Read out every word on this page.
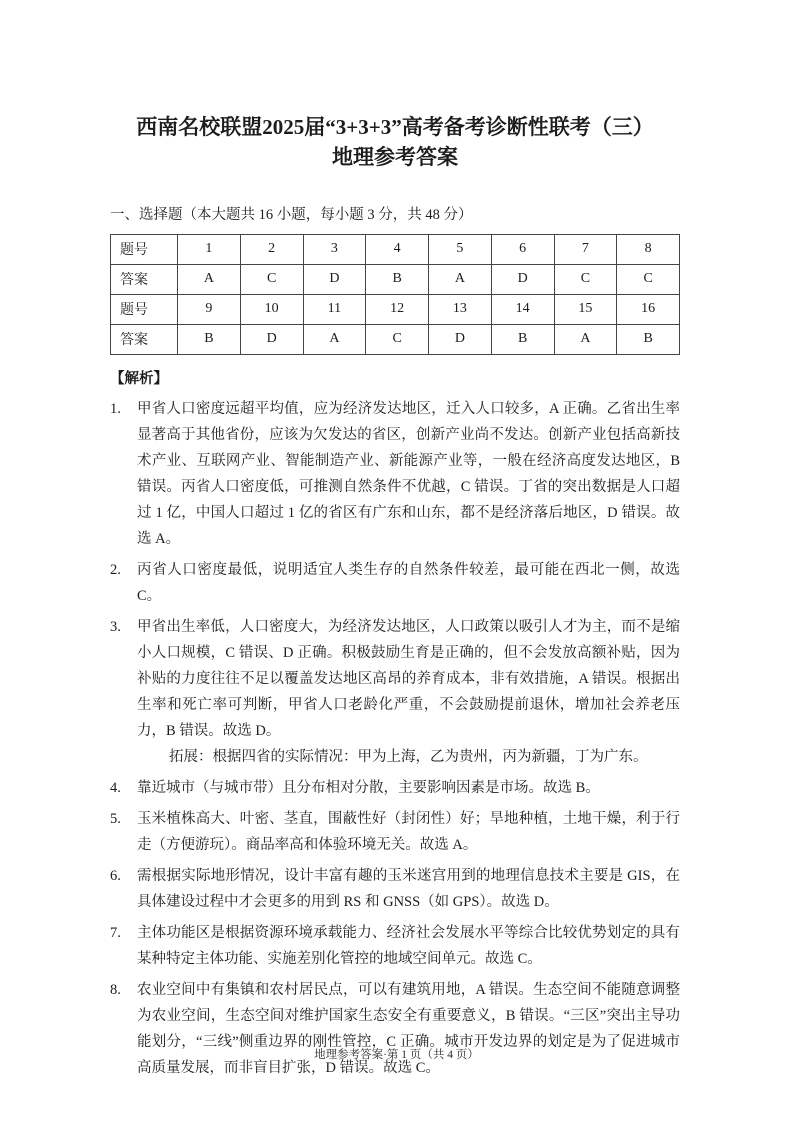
西南名校联盟2025届“3+3+3”高考备考诊断性联考（三）
地理参考答案
一、选择题（本大题共 16 小题，每小题 3 分，共 48 分）
题号	1	2	3	4	5	6	7	8
答案	A	C	D	B	A	D	C	C
题号	9	10	11	12	13	14	15	16
答案	B	D	A	C	D	B	A	B
【解析】
1.	甲省人口密度远超平均值，应为经济发达地区，迁入人口较多，A 正确。乙省出生率显著高于其他省份，应该为欠发达的省区，创新产业尚不发达。创新产业包括高新技术产业、互联网产业、智能制造产业、新能源产业等，一般在经济高度发达地区，B 错误。丙省人口密度低，可推测自然条件不优越，C 错误。丁省的突出数据是人口超过 1 亿，中国人口超过 1 亿的省区有广东和山东，都不是经济落后地区，D 错误。故选 A。
2.	丙省人口密度最低，说明适宜人类生存的自然条件较差，最可能在西北一侧，故选 C。
3.	甲省出生率低，人口密度大，为经济发达地区，人口政策以吸引人才为主，而不是缩小人口规模，C 错误、D 正确。积极鼓励生育是正确的，但不会发放高额补贴，因为补贴的力度往往不足以覆盖发达地区高昂的养育成本，非有效措施，A 错误。根据出生率和死亡率可判断，甲省人口老龄化严重，不会鼓励提前退休，增加社会养老压力，B 错误。故选 D。
拓展：根据四省的实际情况：甲为上海，乙为贵州，丙为新疆，丁为广东。
4.	靠近城市（与城市带）且分布相对分散，主要影响因素是市场。故选 B。
5.	玉米植株高大、叶密、茎直，围蔽性好（封闭性）好；旱地种植，土地干燥，利于行走（方便游玩）。商品率高和体验环境无关。故选 A。
6.	需根据实际地形情况，设计丰富有趣的玉米迷宫用到的地理信息技术主要是 GIS，在具体建设过程中才会更多的用到 RS 和 GNSS（如 GPS）。故选 D。
7.	主体功能区是根据资源环境承载能力、经济社会发展水平等综合比较优势划定的具有某种特定主体功能、实施差别化管控的地域空间单元。故选 C。
8.	农业空间中有集镇和农村居民点，可以有建筑用地，A 错误。生态空间不能随意调整为农业空间，生态空间对维护国家生态安全有重要意义，B 错误。“三区”突出主导功能划分，“三线”侧重边界的刚性管控，C 正确。城市开发边界的划定是为了促进城市高质量发展，而非盲目扩张，D 错误。故选 C。
地理参考答案·第 1 页（共 4 页）
